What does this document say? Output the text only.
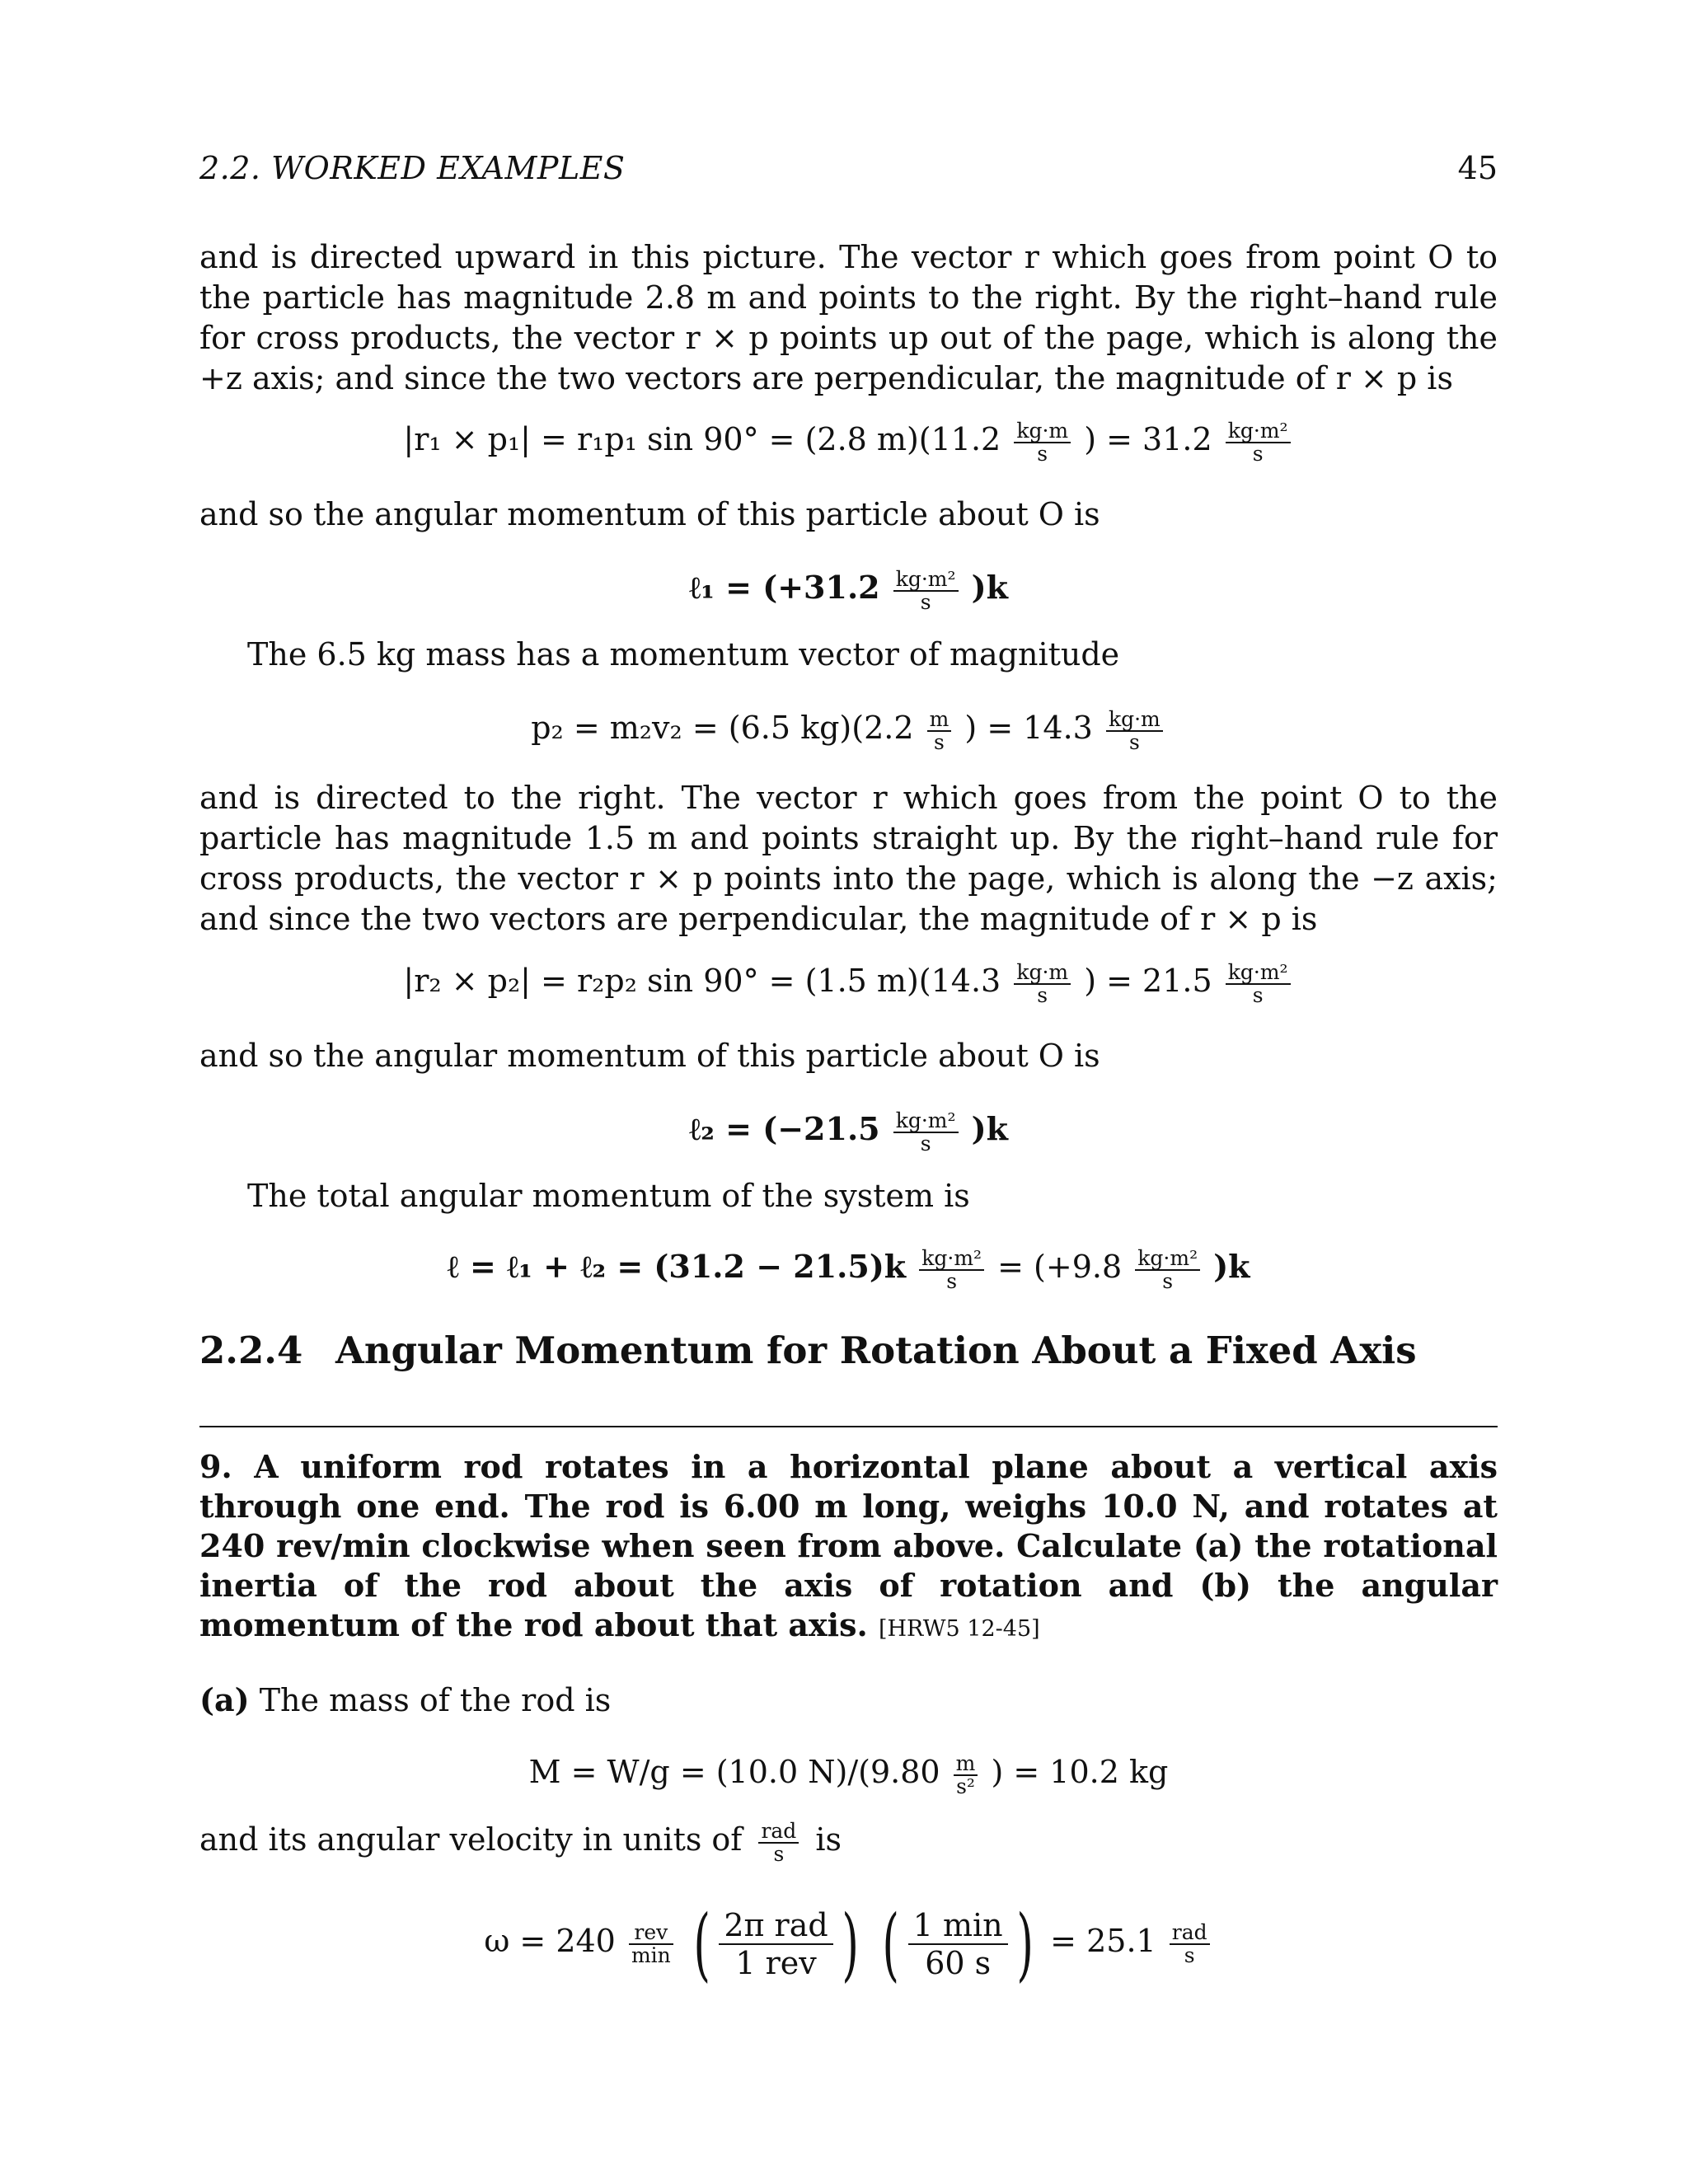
2.2. WORKED EXAMPLES	45
and is directed upward in this picture. The vector r which goes from point O to the particle has magnitude 2.8 m and points to the right. By the right–hand rule for cross products, the vector r × p points up out of the page, which is along the +z axis; and since the two vectors are perpendicular, the magnitude of r × p is
|r₁ × p₁| = r₁p₁ sin 90° = (2.8 $m)(11.2 \frac{kg\cdot m}{s}$ ) = $31.2 \frac{\text{kg·m²}}{s}$
and so the angular momentum of this particle about O is
ℓ₁ = $(+31.2 \frac{\text{kg·m²}}{s} )k$
The 6.5 kg mass has a momentum vector of magnitude
p₂ = m₂v₂ = (6.5 $kg)(2.2 \frac{m}{s}$ ) = $14.3 \frac{kg\cdot m}{s}$
and is directed to the right. The vector r which goes from the point O to the particle has magnitude 1.5 m and points straight up. By the right–hand rule for cross products, the vector r × p points into the page, which is along the −z axis; and since the two vectors are perpendicular, the magnitude of r × p is
|r₂ × p₂| = r₂p₂ sin 90° = (1.5 $m)(14.3 \frac{kg\cdot m}{s}$ ) = $21.5 \frac{\text{kg·m²}}{s}$
and so the angular momentum of this particle about O is
ℓ₂ = $(-21.5 \frac{\text{kg·m²}}{s} )k$
The total angular momentum of the system is
ℓ = ℓ₁ + ℓ₂ = $(31.2 - 21.5)k \frac{\text{kg·m²}}{s} = (+9.8 \frac{\text{kg·m²}}{s} )k$
2.2.4 Angular Momentum for Rotation About a Fixed Axis
9. A uniform rod rotates in a horizontal plane about a vertical axis through one end. The rod is 6.00 m long, weighs 10.0 N, and rotates at 240 rev/min clockwise when seen from above. Calculate (a) the rotational inertia of the rod about the axis of rotation and (b) the angular momentum of the rod about that axis. [HRW5 12-45]
(a) The mass of the rod is
M = W/g = (10.0 $N)/(9.80 \frac{m}{\text{s²}}$ ) = 10.2 kg
and its angular velocity in units of rad
s	is
$\omega = 240 \frac{\text{rev}}{\min}$ ( $\frac{\text{2π rad}}{\text{1 rev}}$ ) ( $\frac{1 \min}{60 s}$ ) = $25.1 \frac{\text{rad}}{s}$
